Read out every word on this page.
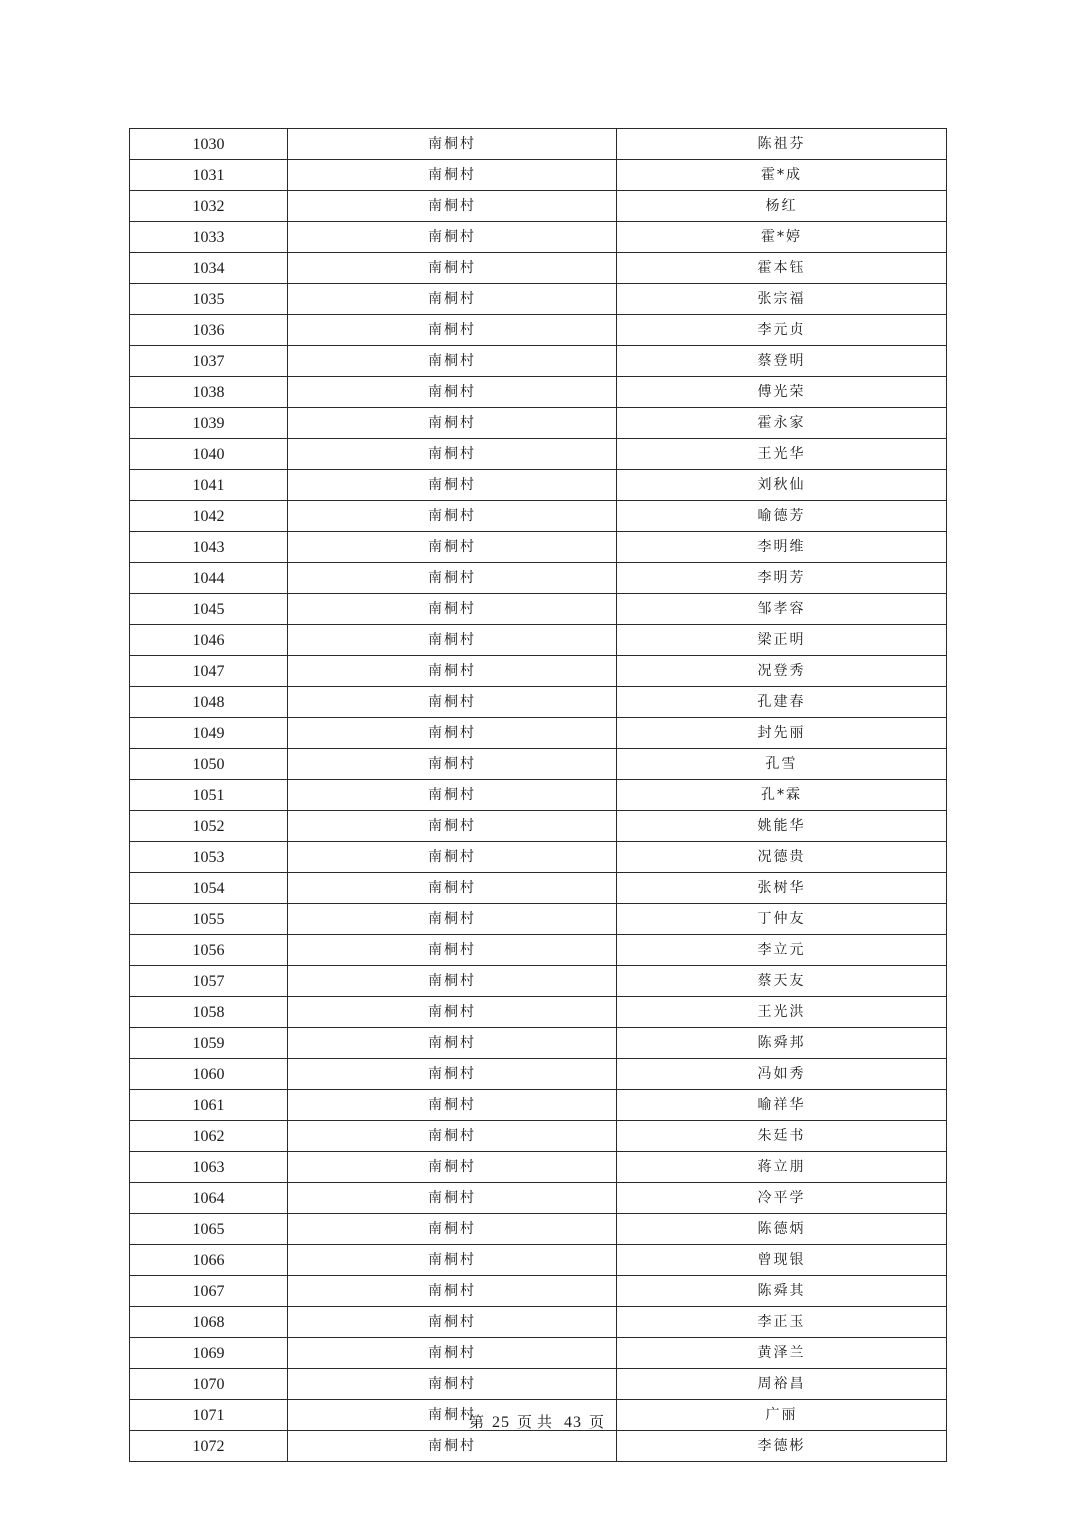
1030	南桐村	陈祖芬
1031	南桐村	霍*成
1032	南桐村	杨红
1033	南桐村	霍*婷
1034	南桐村	霍本钰
1035	南桐村	张宗福
1036	南桐村	李元贞
1037	南桐村	蔡登明
1038	南桐村	傅光荣
1039	南桐村	霍永家
1040	南桐村	王光华
1041	南桐村	刘秋仙
1042	南桐村	喻德芳
1043	南桐村	李明维
1044	南桐村	李明芳
1045	南桐村	邹孝容
1046	南桐村	梁正明
1047	南桐村	况登秀
1048	南桐村	孔建春
1049	南桐村	封先丽
1050	南桐村	孔雪
1051	南桐村	孔*霖
1052	南桐村	姚能华
1053	南桐村	况德贵
1054	南桐村	张树华
1055	南桐村	丁仲友
1056	南桐村	李立元
1057	南桐村	蔡天友
1058	南桐村	王光洪
1059	南桐村	陈舜邦
1060	南桐村	冯如秀
1061	南桐村	喻祥华
1062	南桐村	朱廷书
1063	南桐村	蒋立朋
1064	南桐村	冷平学
1065	南桐村	陈德炳
1066	南桐村	曾现银
1067	南桐村	陈舜其
1068	南桐村	李正玉
1069	南桐村	黄泽兰
1070	南桐村	周裕昌
1071	南桐村	广丽
1072	南桐村	李德彬
第 25 页 共 43 页
